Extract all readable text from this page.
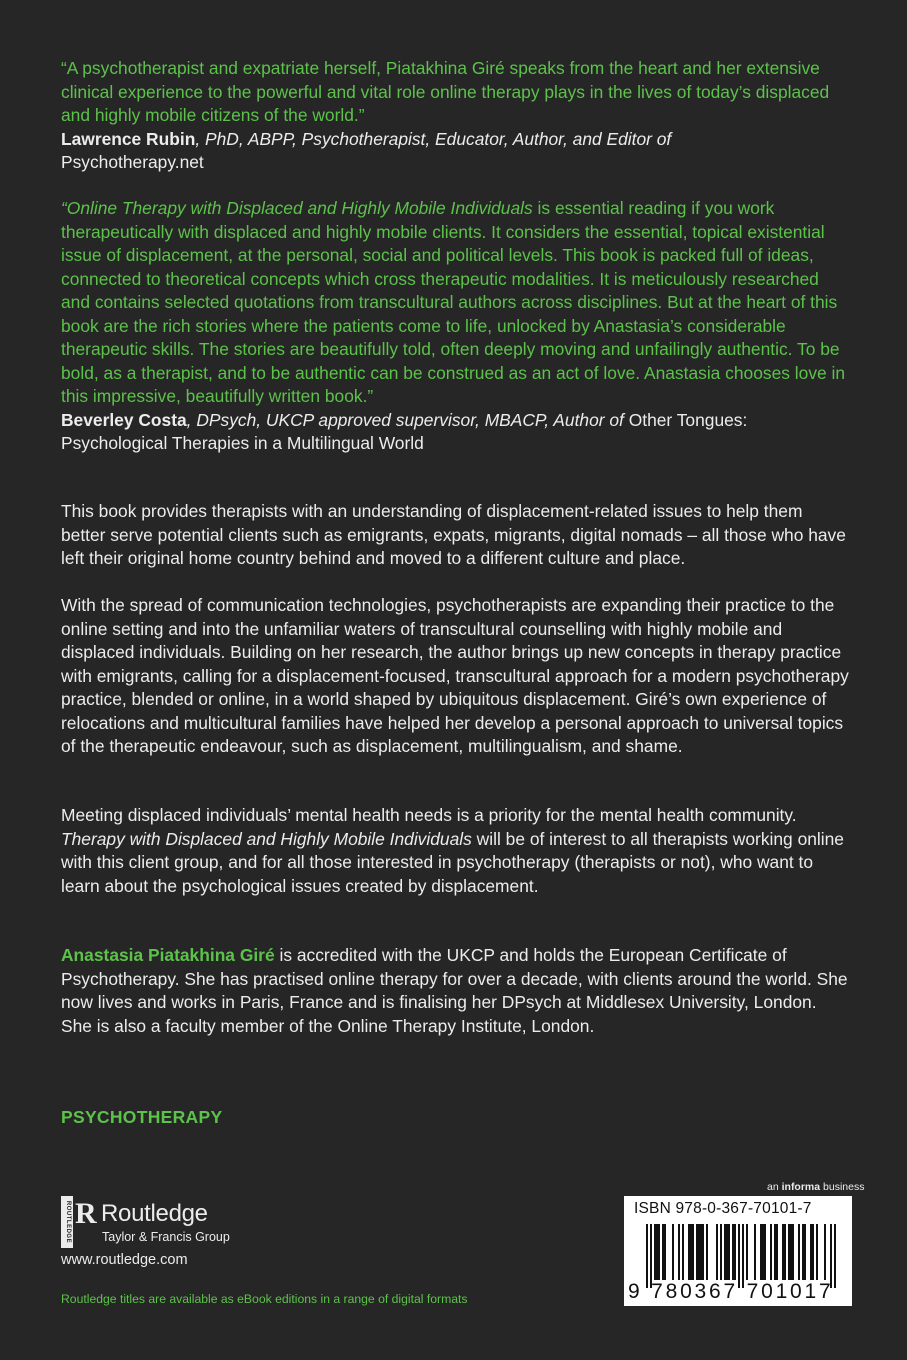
“A psychotherapist and expatriate herself, Piatakhina Giré speaks from the heart and her extensive clinical experience to the powerful and vital role online therapy plays in the lives of today’s displaced and highly mobile citizens of the world.”

Lawrence Rubin, PhD, ABPP, Psychotherapist, Educator, Author, and Editor of
Psychotherapy.net

“Online Therapy with Displaced and Highly Mobile Individuals is essential reading if you work therapeutically with displaced and highly mobile clients. It considers the essential, topical existential issue of displacement, at the personal, social and political levels. This book is packed full of ideas, connected to theoretical concepts which cross therapeutic modalities. It is meticulously researched and contains selected quotations from transcultural authors across disciplines. But at the heart of this book are the rich stories where the patients come to life, unlocked by Anastasia’s considerable therapeutic skills. The stories are beautifully told, often deeply moving and unfailingly authentic. To be bold, as a therapist, and to be authentic can be construed as an act of love. Anastasia chooses love in this impressive, beautifully written book.”

Beverley Costa, DPsych, UKCP approved supervisor, MBACP, Author of Other Tongues: Psychological Therapies in a Multilingual World

This book provides therapists with an understanding of displacement-related issues to help them better serve potential clients such as emigrants, expats, migrants, digital nomads – all those who have left their original home country behind and moved to a different culture and place.

With the spread of communication technologies, psychotherapists are expanding their practice to the online setting and into the unfamiliar waters of transcultural counselling with highly mobile and displaced individuals. Building on her research, the author brings up new concepts in therapy practice with emigrants, calling for a displacement-focused, transcultural approach for a modern psychotherapy practice, blended or online, in a world shaped by ubiquitous displacement. Giré’s own experience of relocations and multicultural families have helped her develop a personal approach to universal topics of the therapeutic endeavour, such as displacement, multilingualism, and shame.

Meeting displaced individuals’ mental health needs is a priority for the mental health community. Therapy with Displaced and Highly Mobile Individuals will be of interest to all therapists working online with this client group, and for all those interested in psychotherapy (therapists or not), who want to learn about the psychological issues created by displacement.

Anastasia Piatakhina Giré is accredited with the UKCP and holds the European Certificate of Psychotherapy. She has practised online therapy for over a decade, with clients around the world. She now lives and works in Paris, France and is finalising her DPsych at Middlesex University, London. She is also a faculty member of the Online Therapy Institute, London.

PSYCHOTHERAPY
ROUTLEDGE R Routledge
Taylor & Francis Group
www.routledge.com
Routledge titles are available as eBook editions in a range of digital formats
an informa business
ISBN 978-0-367-70101-7
9 780367 701017
